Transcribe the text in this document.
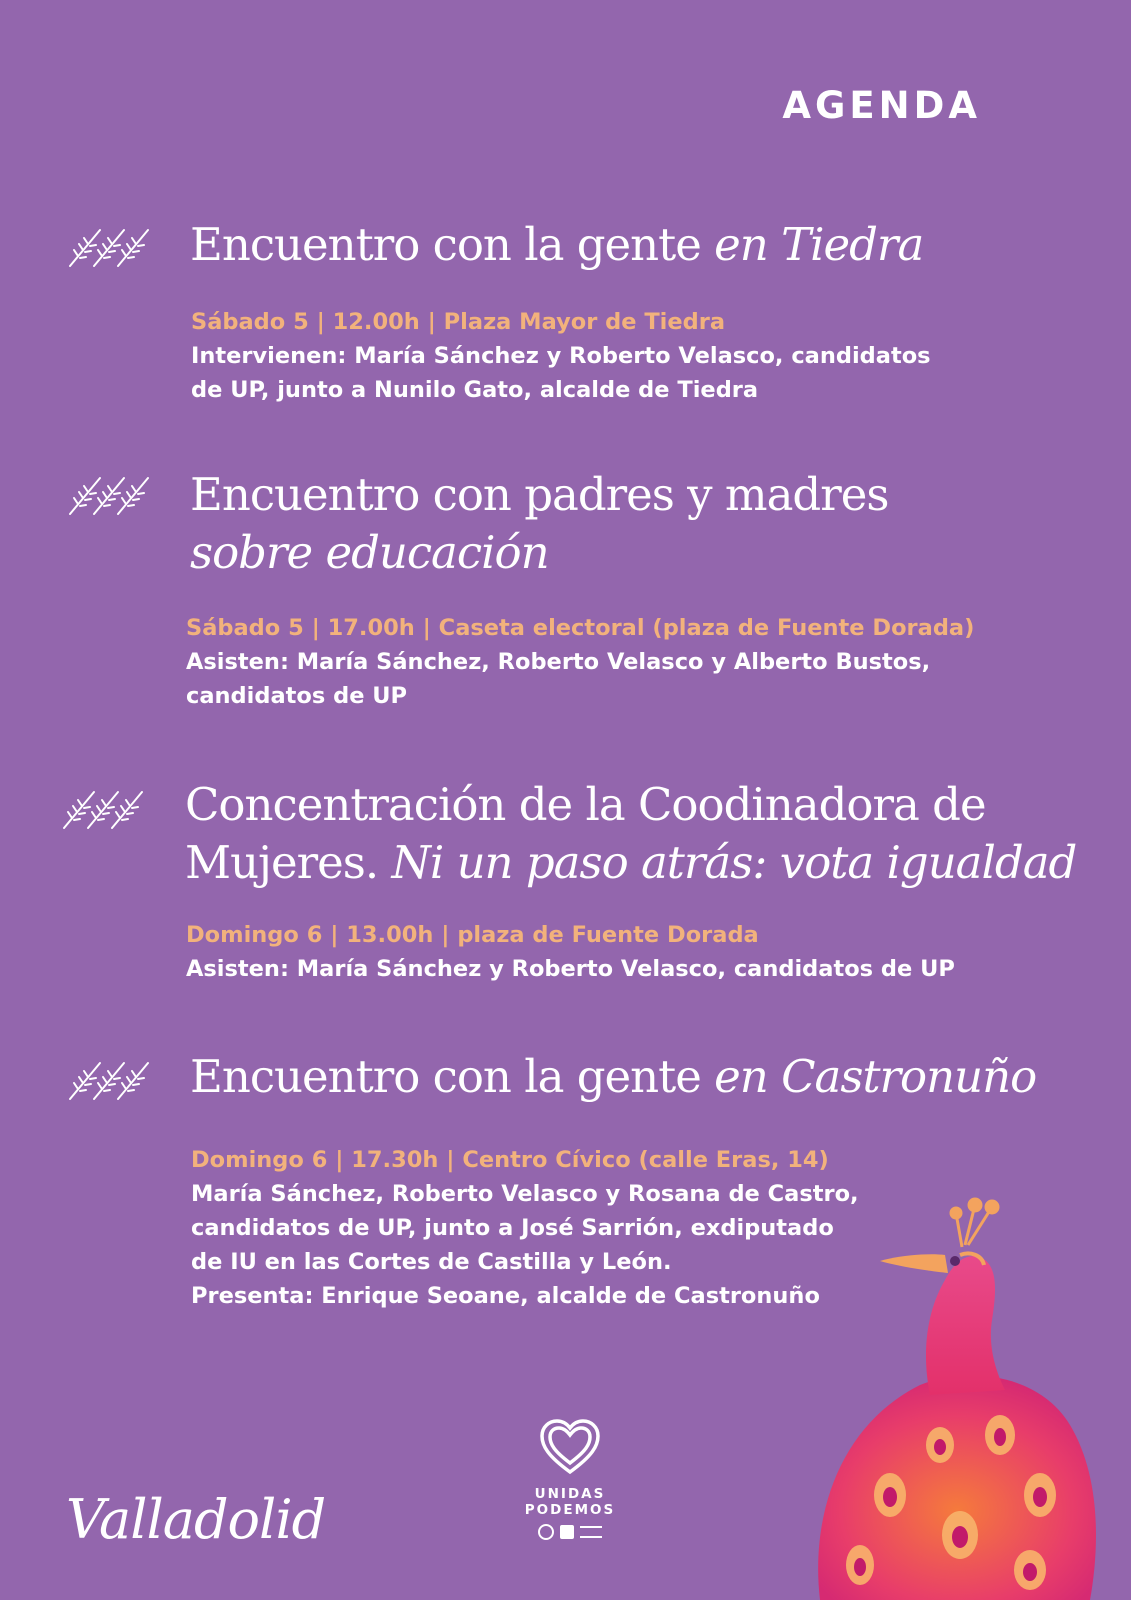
AGENDA
Encuentro con la gente en Tiedra
Sábado 5 | 12.00h | Plaza Mayor de Tiedra
Intervienen: María Sánchez y Roberto Velasco, candidatos
de UP, junto a Nunilo Gato, alcalde de Tiedra
Encuentro con padres y madres
sobre educación
Sábado 5 | 17.00h | Caseta electoral (plaza de Fuente Dorada)
Asisten: María Sánchez, Roberto Velasco y Alberto Bustos,
candidatos de UP
Concentración de la Coodinadora de
Mujeres. Ni un paso atrás: vota igualdad
Domingo 6 | 13.00h | plaza de Fuente Dorada
Asisten: María Sánchez y Roberto Velasco, candidatos de UP
Encuentro con la gente en Castronuño
Domingo 6 | 17.30h | Centro Cívico (calle Eras, 14)
María Sánchez, Roberto Velasco y Rosana de Castro,
candidatos de UP, junto a José Sarrión, exdiputado
de IU en las Cortes de Castilla y León.
Presenta: Enrique Seoane, alcalde de Castronuño
UNIDAS
PODEMOS
Valladolid
